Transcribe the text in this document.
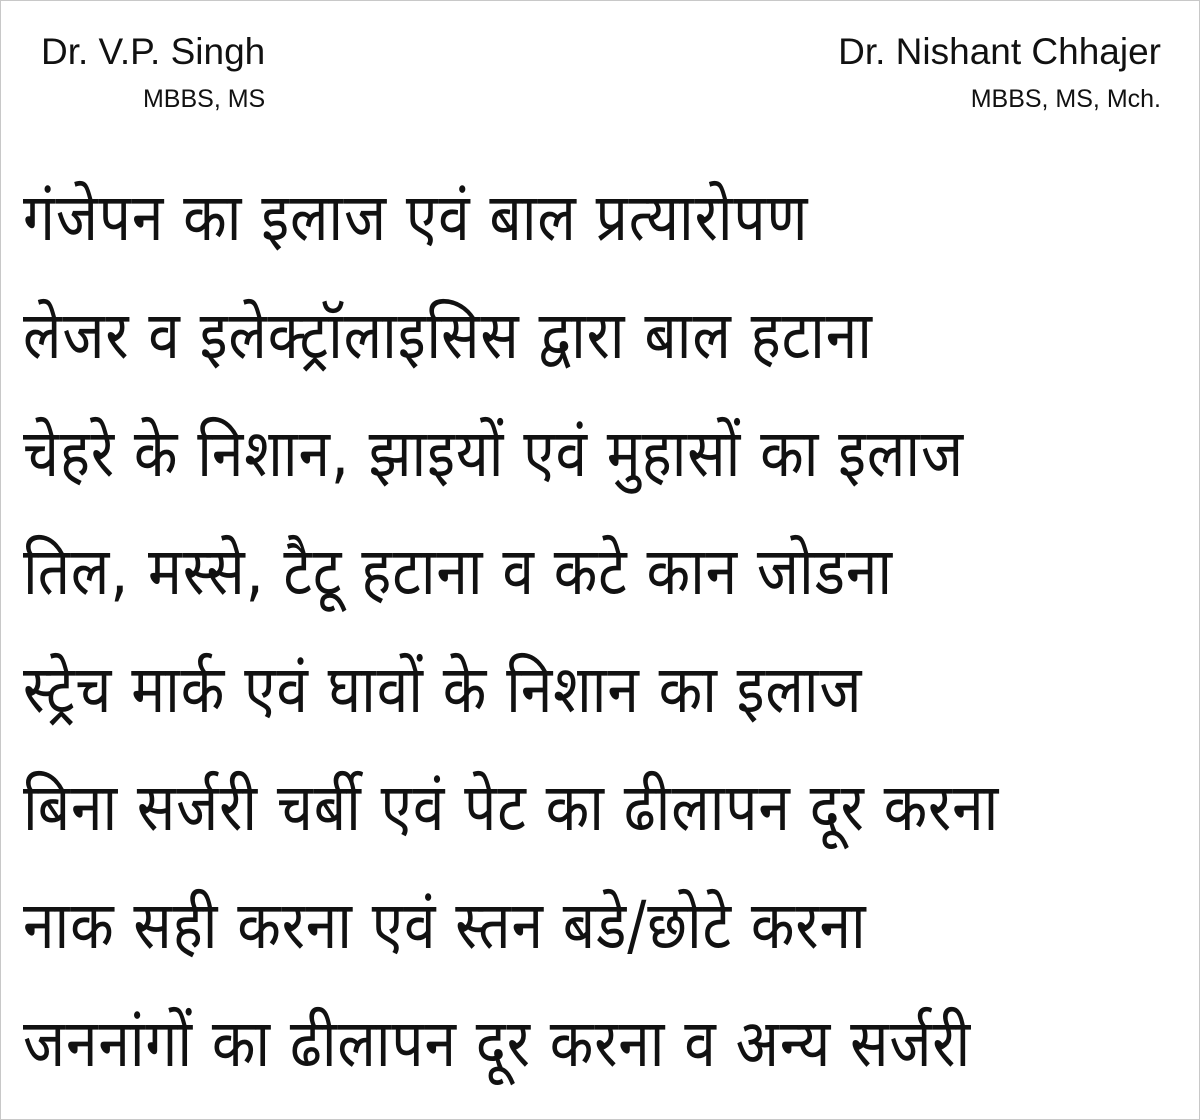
Dr. V.P. Singh
MBBS, MS
Dr. Nishant Chhajer
MBBS, MS, Mch.
गंजेपन का इलाज एवं बाल प्रत्यारोपण
लेजर व इलेक्ट्रॉलाइसिस द्वारा बाल हटाना
चेहरे के निशान, झाइयों एवं मुहासों का इलाज
तिल, मस्से, टैटू हटाना व कटे कान जोडना
स्ट्रेच मार्क एवं घावों के निशान का इलाज
बिना सर्जरी चर्बी एवं पेट का ढीलापन दूर करना
नाक सही करना एवं स्तन बडे/छोटे करना
जननांगों का ढीलापन दूर करना व अन्य सर्जरी
